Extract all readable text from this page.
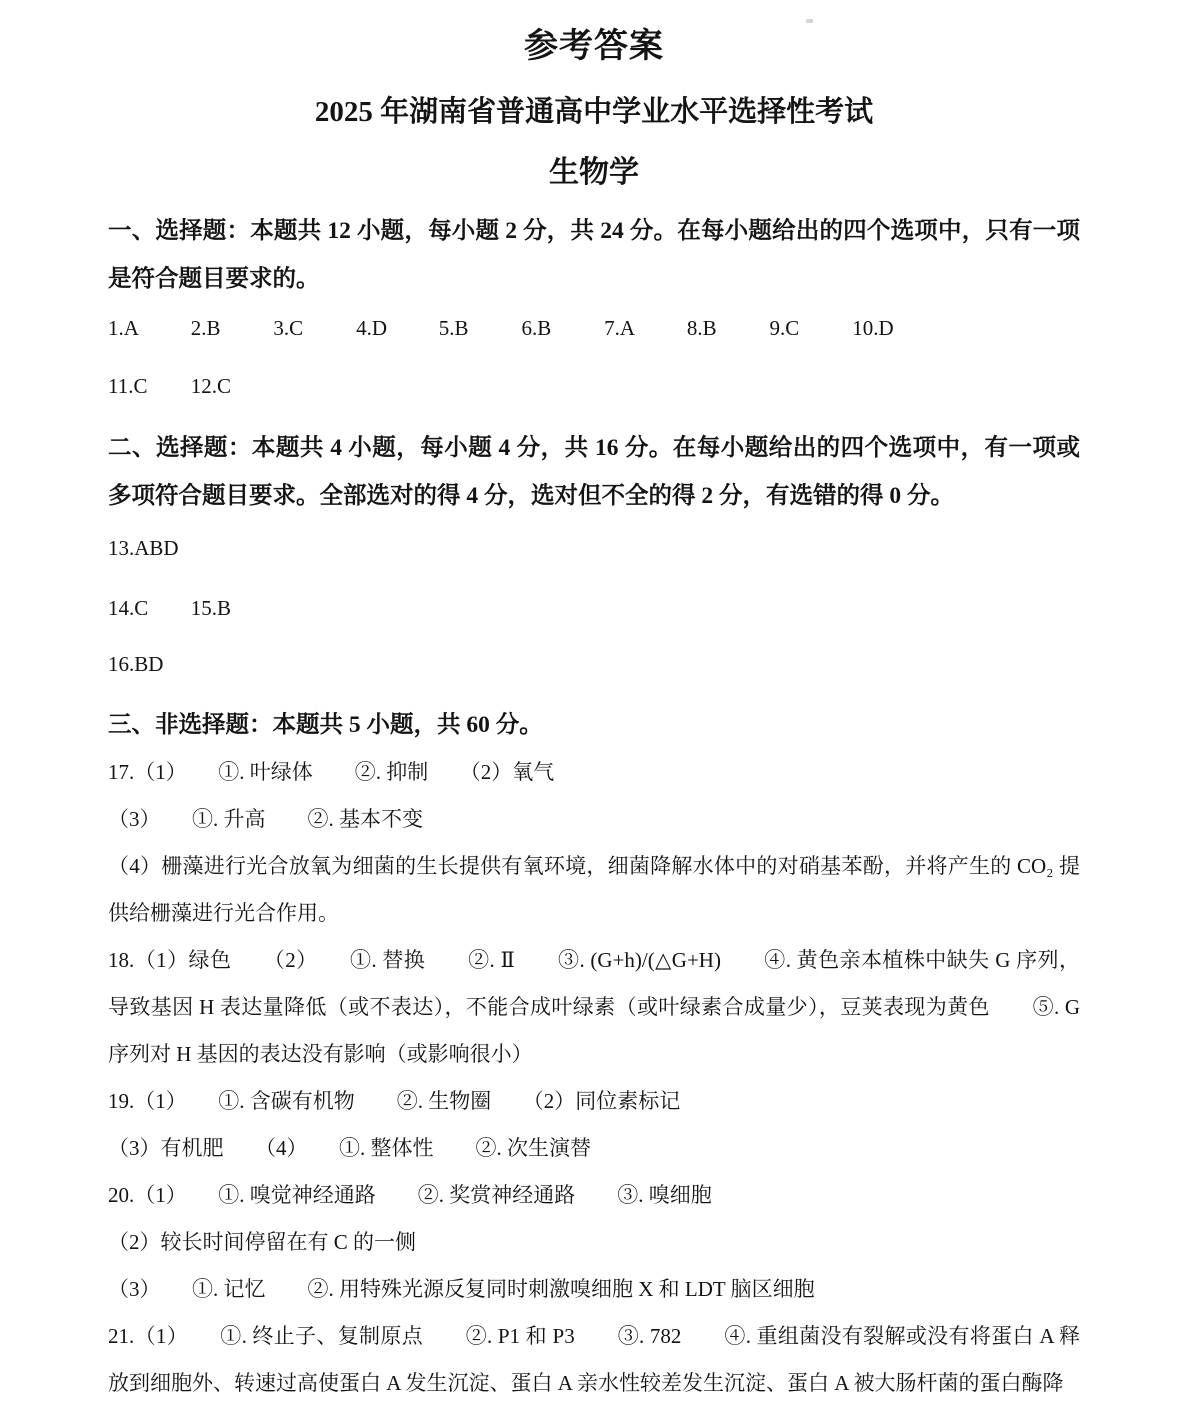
参考答案
2025 年湖南省普通高中学业水平选择性考试
生物学

一、选择题：本题共 12 小题，每小题 2 分，共 24 分。在每小题给出的四个选项中，只有一项是符合题目要求的。

1.A 2.B	3.C	4.D 5.B	6.B	7.A 8.B	9.C	10.D
11.C 12.C

二、选择题：本题共 4 小题，每小题 4 分，共 16 分。在每小题给出的四个选项中，有一项或多项符合题目要求。全部选对的得 4 分，选对但不全的得 2 分，有选错的得 0 分。

13.ABD
14.C 15.B
16.BD

三、非选择题：本题共 5 小题，共 60 分。

17.（1）　　①. 叶绿体　　②. 抑制　　（2）氧气

（3）　　①. 升高　　②. 基本不变

（4）栅藻进行光合放氧为细菌的生长提供有氧环境，细菌降解水体中的对硝基苯酚，并将产生的 CO₂ 提供给栅藻进行光合作用。

18.（1）绿色　　（2）　　①. 替换　　②. Ⅱ　　③. (G+h)/(△G+H)　　④. 黄色亲本植株中缺失 G 序列，导致基因 H 表达量降低（或不表达），不能合成叶绿素（或叶绿素合成量少），豆荚表现为黄色　　⑤. G 序列对 H 基因的表达没有影响（或影响很小）

19.（1）　　①. 含碳有机物　　②. 生物圈　　（2）同位素标记

（3）有机肥　　（4）　　①. 整体性　　②. 次生演替

20.（1）　　①. 嗅觉神经通路　　②. 奖赏神经通路　　③. 嗅细胞

（2）较长时间停留在有 C 的一侧

（3）　　①. 记忆　　②. 用特殊光源反复同时刺激嗅细胞 X 和 LDT 脑区细胞

21.（1）　　①. 终止子、复制原点　　②. P1 和 P3　　③. 782　　④. 重组菌没有裂解或没有将蛋白 A 释放到细胞外、转速过高使蛋白 A 发生沉淀、蛋白 A 亲水性较差发生沉淀、蛋白 A 被大肠杆菌的蛋白酶降
